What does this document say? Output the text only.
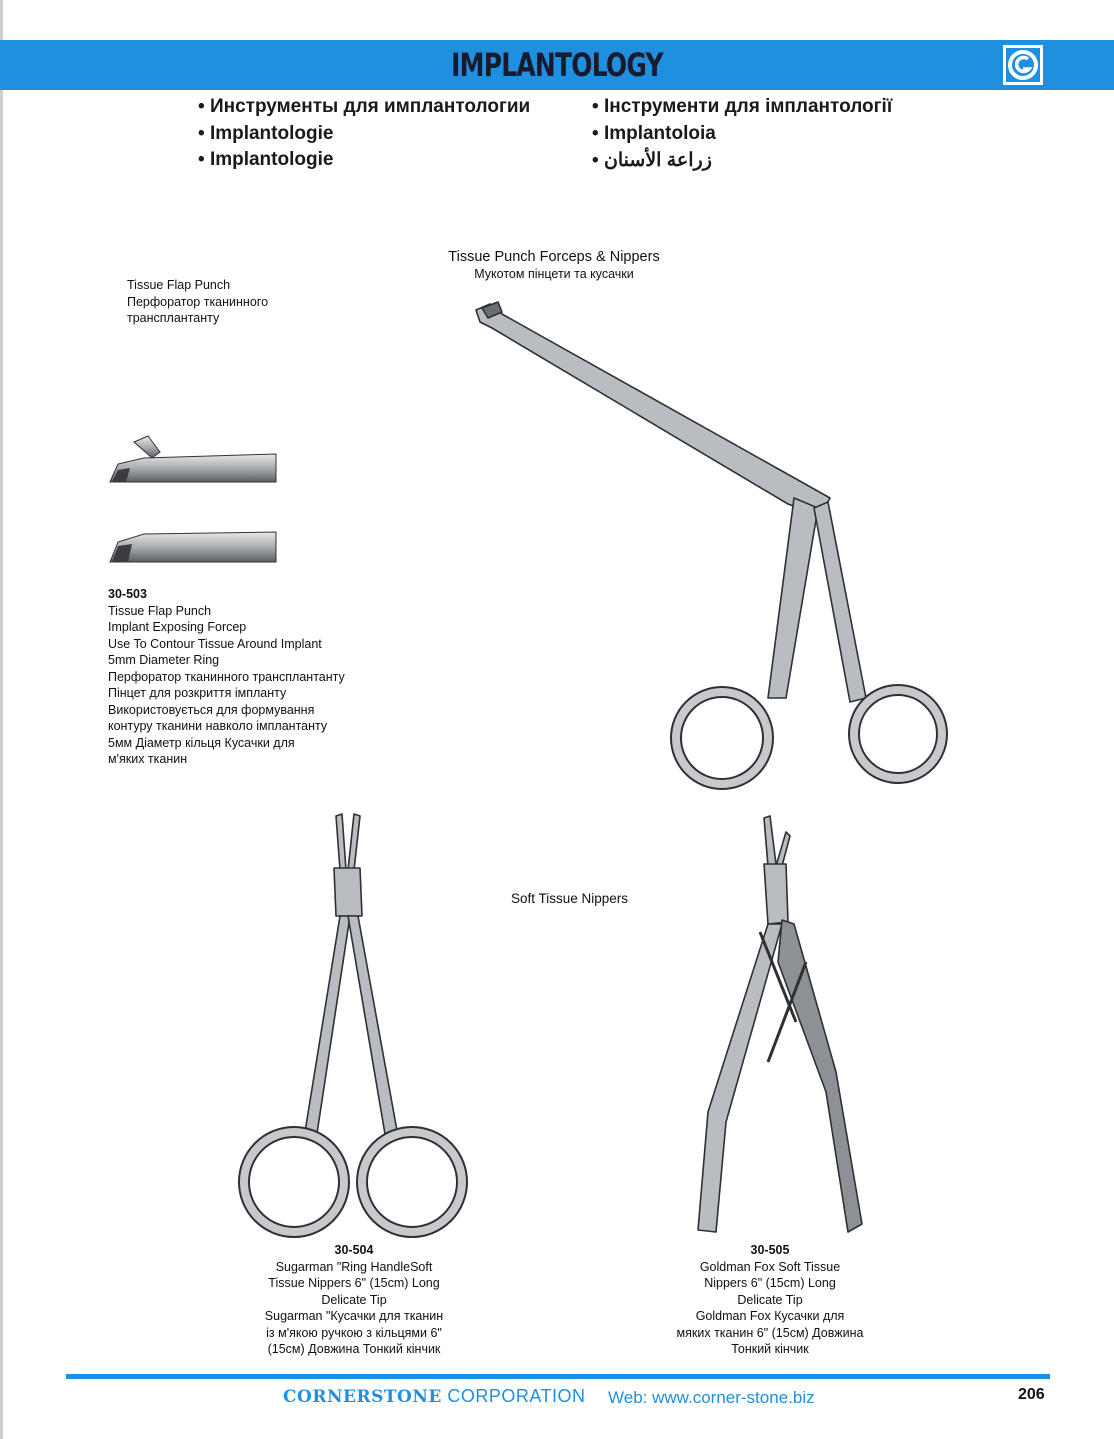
IMPLANTOLOGY
• Инструменты для имплантологии
• Implantologie
• Implantologie
• Інструменти для імплантології
• Implantoloia
• زراعة الأسنان
Tissue Punch Forceps & Nippers
Мукотом пінцети та кусачки
Tissue Flap Punch
Перфоратор тканинного
трансплантанту
Soft Tissue Nippers
30-503
Tissue Flap Punch
Implant Exposing Forcep
Use To Contour Tissue Around Implant
5mm Diameter Ring
Перфоратор тканинного трансплантанту
Пінцет для розкриття імпланту
Використовується для формування
контуру тканини навколо імплантанту
5мм Діаметр кільця Кусачки для
м'яких тканин
30-504
Sugarman "Ring HandleSoft
Tissue Nippers 6" (15cm) Long
Delicate Tip
Sugarman "Кусачки для тканин
із м'якою ручкою з кільцями 6"
(15см) Довжина Тонкий кінчик
30-505
Goldman Fox Soft Tissue
Nippers 6" (15cm) Long
Delicate Tip
Goldman Fox Кусачки для
мяких тканин 6" (15см) Довжина
Тонкий кінчик
CORNERSTONE CORPORATION Web: www.corner-stone.biz	206
